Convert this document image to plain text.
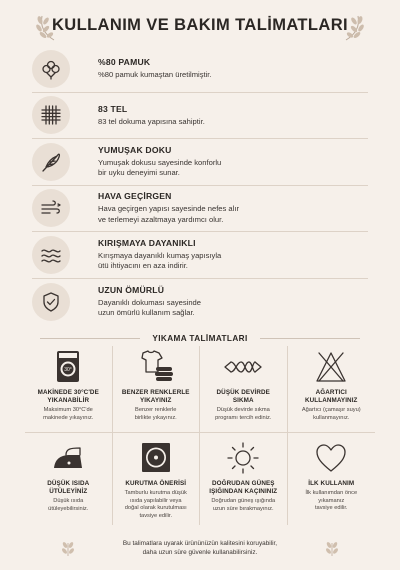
KULLANIM VE BAKIM TALİMATLARI
%80 PAMUK
%80 pamuk kumaştan üretilmiştir.
83 TEL
83 tel dokuma yapısına sahiptir.
YUMUŞAK DOKU
Yumuşak dokusu sayesinde konforlu
bir uyku deneyimi sunar.
HAVA GEÇİRGEN
Hava geçirgen yapısı sayesinde nefes alır
ve terlemeyi azaltmaya yardımcı olur.
KIRIŞMAYA DAYANIKLI
Kırışmaya dayanıklı kumaş yapısıyla
ütü ihtiyacını en aza indirir.
UZUN ÖMÜRLÜ
Dayanıklı dokuması sayesinde
uzun ömürlü kullanım sağlar.
YIKAMA TALİMATLARI
30°
MAKİNEDE 30°C'DE
YIKANABİLİR
Maksimum 30°C'de
makinede yıkayınız.
BENZER RENKLERLE
YIKAYINIZ
Benzer renklerle
birlikte yıkayınız.
DÜŞÜK DEVİRDE
SIKMA
Düşük devirde sıkma
programı tercih ediniz.
AĞARTICI
KULLANMAYINIZ
Ağartıcı (çamaşır suyu)
kullanmayınız.
DÜŞÜK ISIDA
ÜTÜLEYİNİZ
Düşük ısıda
ütüleyebilirsiniz.
KURUTMA ÖNERİSİ
Tamburlu kurutma düşük
ısıda yapılabilir veya
doğal olarak kurutulması
tavsiye edilir.
DOĞRUDAN GÜNEŞ
IŞIĞINDAN KAÇININIZ
Doğrudan güneş ışığında
uzun süre bırakmayınız.
İLK KULLANIM
İlk kullanımdan önce
yıkamanız
tavsiye edilir.
Bu talimatlara uyarak ürününüzün kalitesini koruyabilir,
daha uzun süre güvenle kullanabilirsiniz.
